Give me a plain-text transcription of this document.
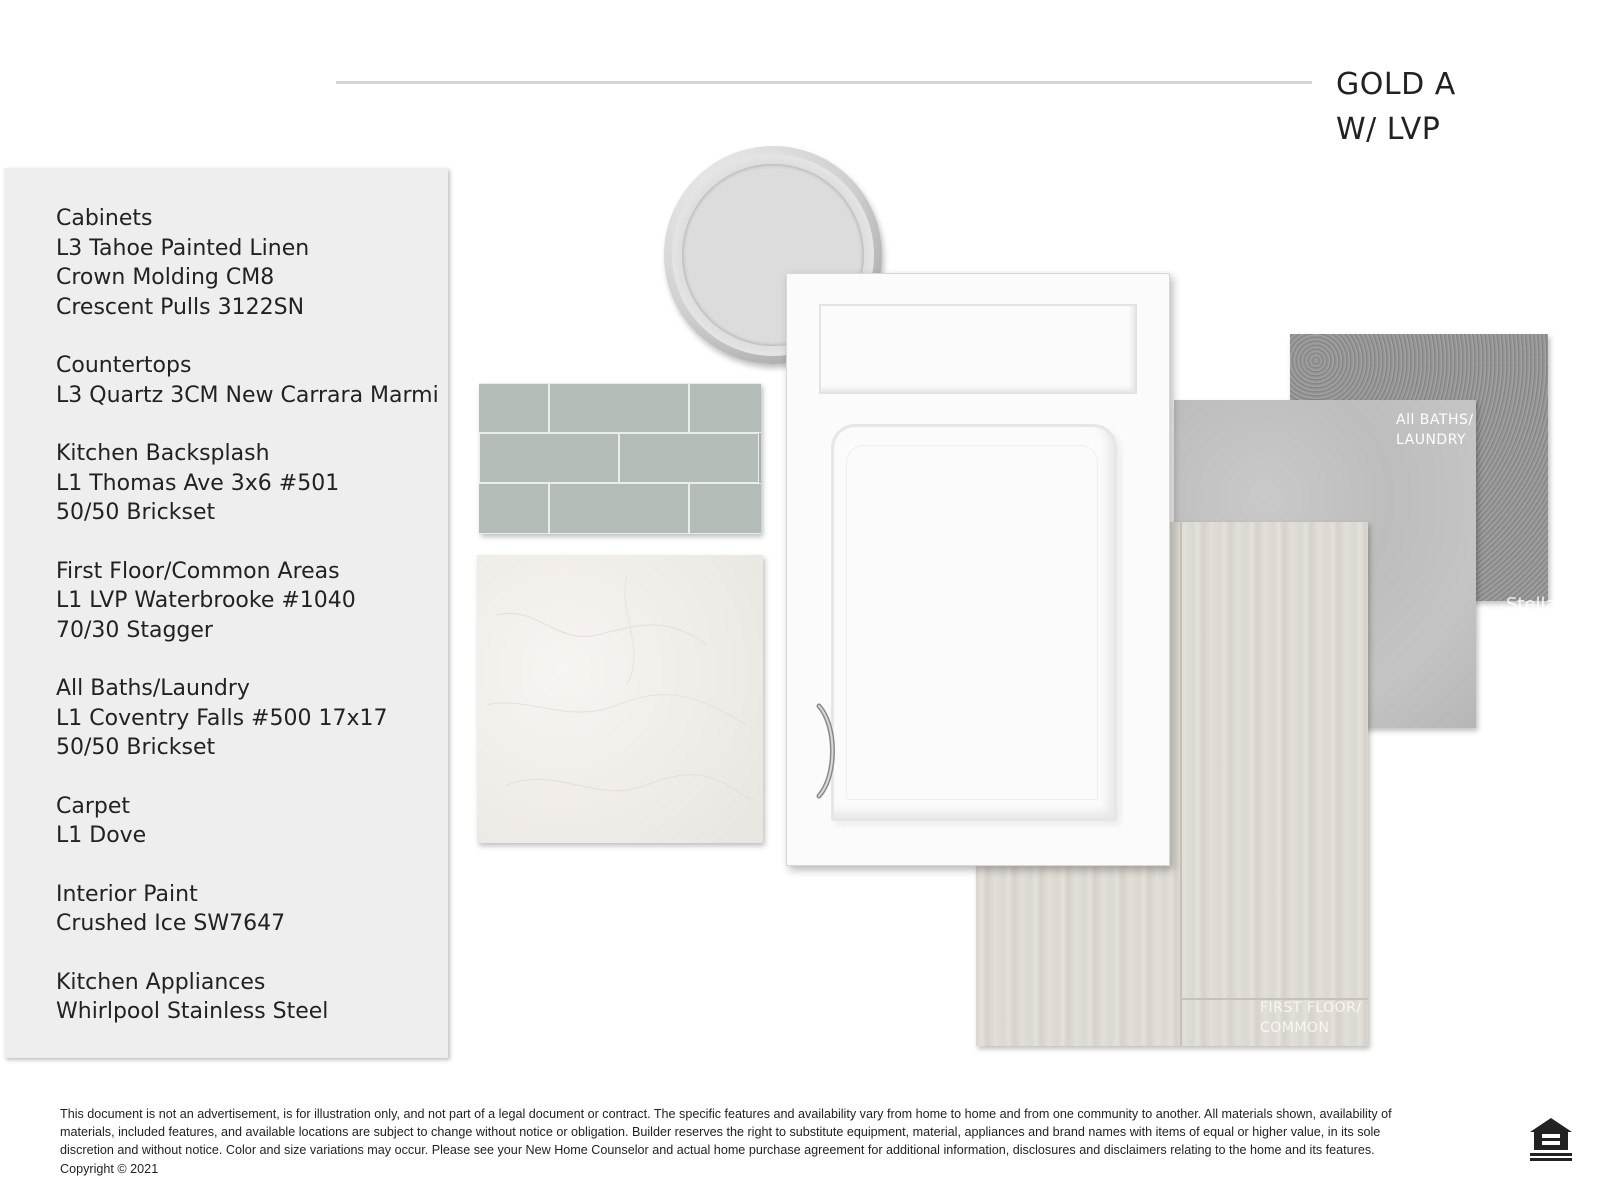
GOLD A
W/ LVP
Cabinets
L3 Tahoe Painted Linen
Crown Molding CM8
Crescent Pulls 3122SN
Countertops
L3 Quartz 3CM New Carrara Marmi
Kitchen Backsplash
L1 Thomas Ave 3x6 #501
50/50 Brickset
First Floor/Common Areas
L1 LVP Waterbrooke #1040
70/30 Stagger
All Baths/Laundry
L1 Coventry Falls #500 17x17
50/50 Brickset
Carpet
L1 Dove
Interior Paint
Crushed Ice SW7647
Kitchen Appliances
Whirlpool Stainless Steel
All BATHS/
LAUNDRY
FIRST FLOOR/
COMMON
Stellar MLS
This document is not an advertisement, is for illustration only, and not part of a legal document or contract. The specific features and availability vary from home to home and from one community to another. All materials shown, availability of materials, included features, and available locations are subject to change without notice or obligation. Builder reserves the right to substitute equipment, material, appliances and brand names with items of equal or higher value, in its sole discretion and without notice. Color and size variations may occur. Please see your New Home Counselor and actual home purchase agreement for additional information, disclosures and disclaimers relating to the home and its features. Copyright © 2021
